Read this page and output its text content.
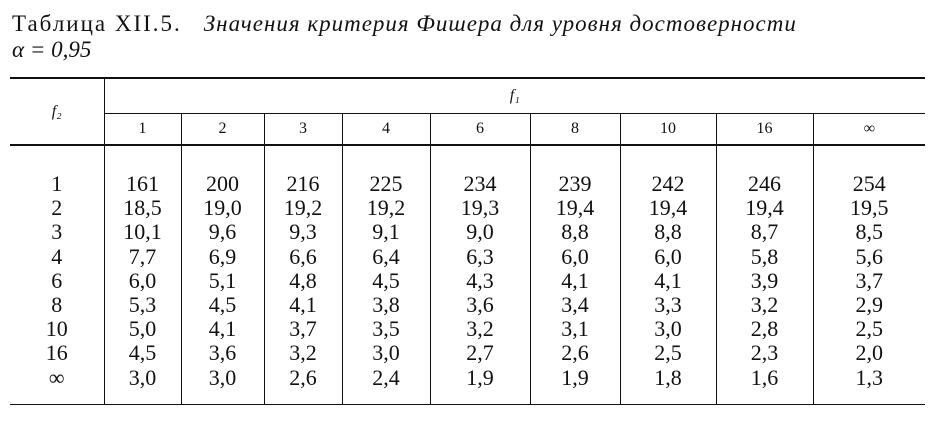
Таблица XII.5. Значения критерия Фишера для уровня достоверности
α = 0,95
f₂	f₁								
	1	2	3	4	6	8	10	16	∞
1	161	200	216	225	234	239	242	246	254
2	18,5	19,0	19,2	19,2	19,3	19,4	19,4	19,4	19,5
3	10,1	9,6	9,3	9,1	9,0	8,8	8,8	8,7	8,5
4	7,7	6,9	6,6	6,4	6,3	6,0	6,0	5,8	5,6
6	6,0	5,1	4,8	4,5	4,3	4,1	4,1	3,9	3,7
8	5,3	4,5	4,1	3,8	3,6	3,4	3,3	3,2	2,9
10	5,0	4,1	3,7	3,5	3,2	3,1	3,0	2,8	2,5
16	4,5	3,6	3,2	3,0	2,7	2,6	2,5	2,3	2,0
∞	3,0	3,0	2,6	2,4	1,9	1,9	1,8	1,6	1,3
